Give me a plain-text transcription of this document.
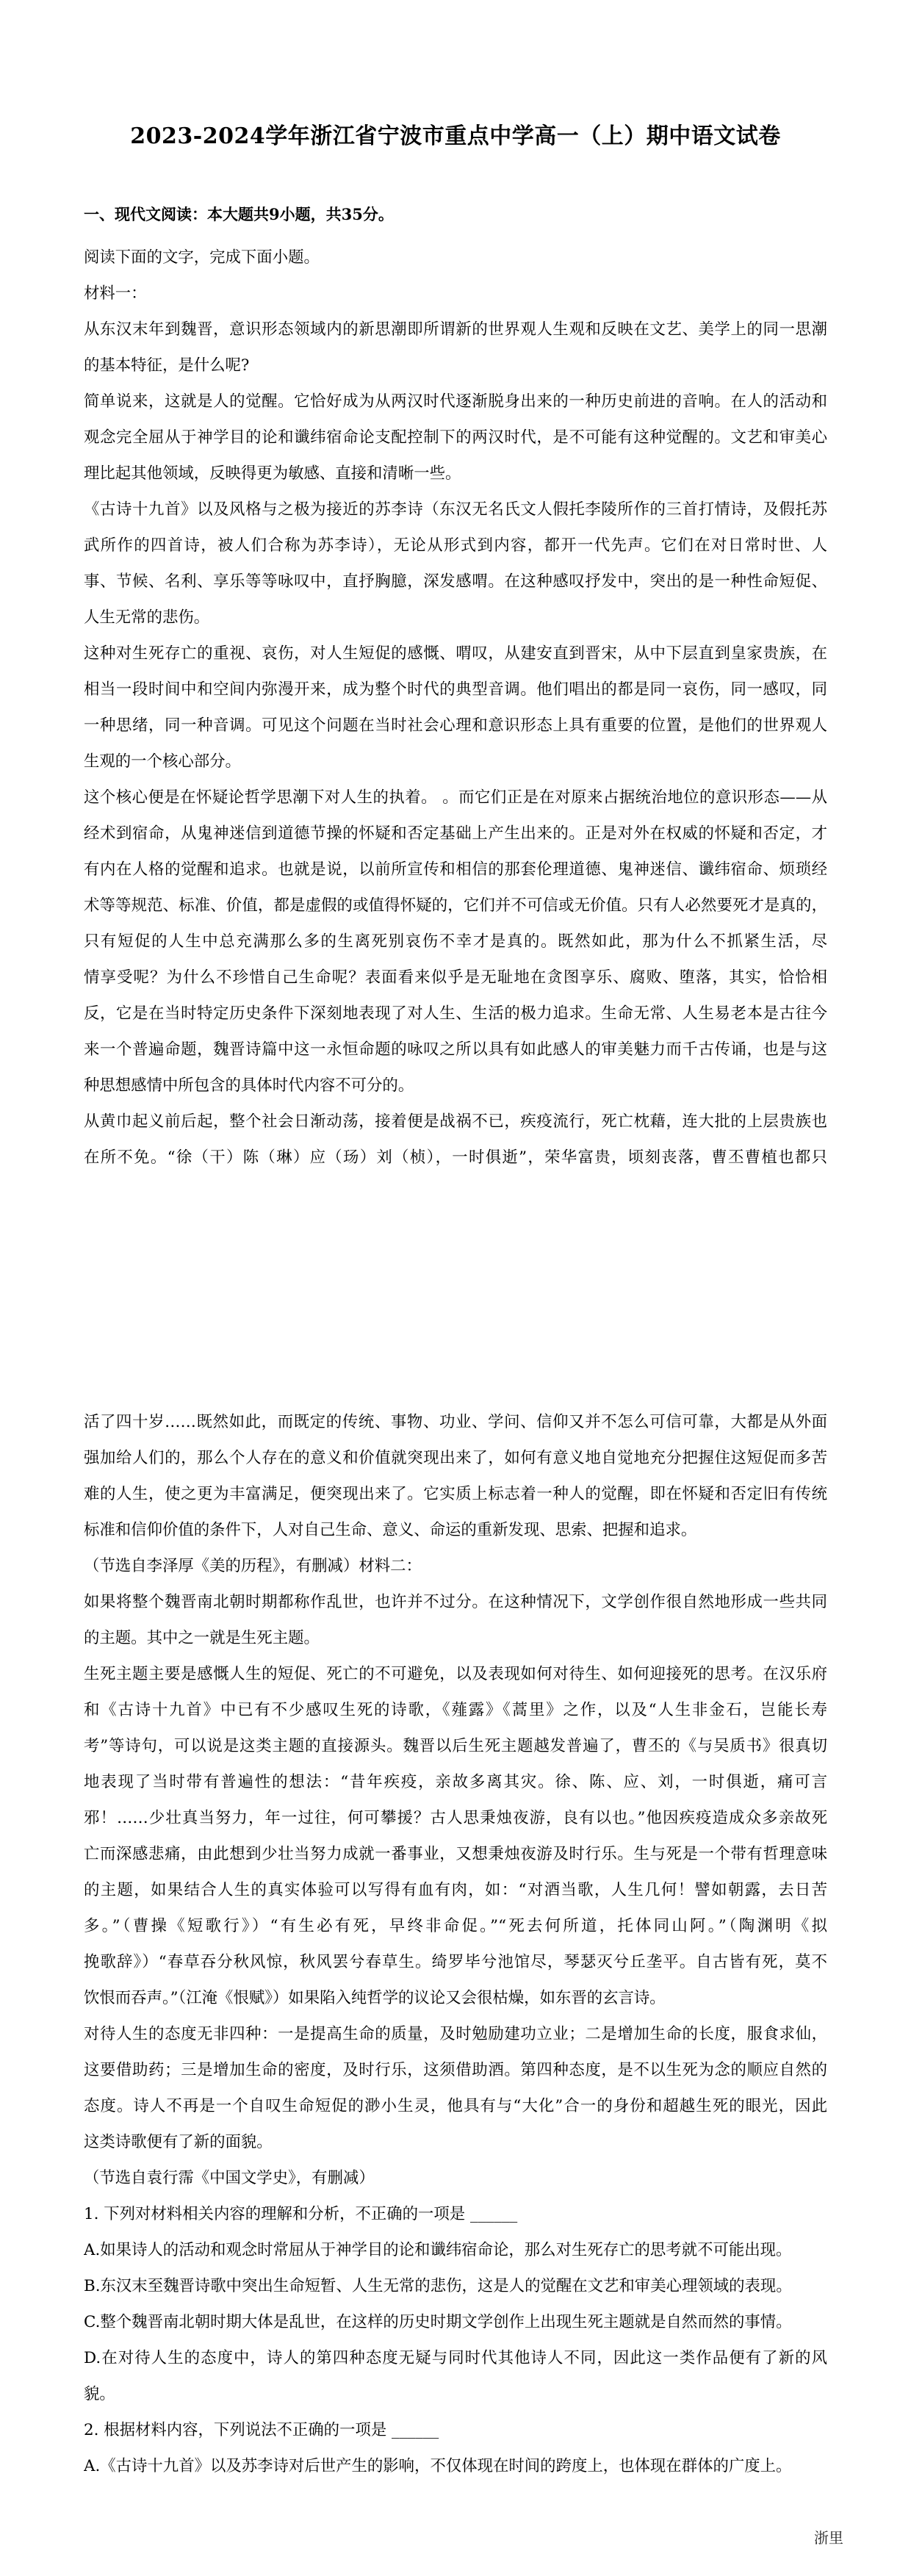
2023-2024学年浙江省宁波市重点中学高一（上）期中语文试卷
一、现代文阅读：本大题共9小题，共35分。
阅读下面的文字，完成下面小题。
材料一：
从东汉末年到魏晋，意识形态领域内的新思潮即所谓新的世界观人生观和反映在文艺、美学上的同一思潮
的基本特征，是什么呢?
简单说来，这就是人的觉醒。它恰好成为从两汉时代逐渐脱身出来的一种历史前进的音响。在人的活动和
观念完全屈从于神学目的论和谶纬宿命论支配控制下的两汉时代，是不可能有这种觉醒的。文艺和审美心
理比起其他领域，反映得更为敏感、直接和清晰一些。
《古诗十九首》以及风格与之极为接近的苏李诗（东汉无名氏文人假托李陵所作的三首打情诗，及假托苏
武所作的四首诗，被人们合称为苏李诗），无论从形式到内容，都开一代先声。它们在对日常时世、人
事、节候、名利、享乐等等咏叹中，直抒胸臆，深发感喟。在这种感叹抒发中，突出的是一种性命短促、
人生无常的悲伤。
这种对生死存亡的重视、哀伤，对人生短促的感慨、喟叹，从建安直到晋宋，从中下层直到皇家贵族，在
相当一段时间中和空间内弥漫开来，成为整个时代的典型音调。他们唱出的都是同一哀伤，同一感叹，同
一种思绪，同一种音调。可见这个问题在当时社会心理和意识形态上具有重要的位置，是他们的世界观人
生观的一个核心部分。
这个核心便是在怀疑论哲学思潮下对人生的执着。 。而它们正是在对原来占据统治地位的意识形态——从
经术到宿命，从鬼神迷信到道德节操的怀疑和否定基础上产生出来的。正是对外在权威的怀疑和否定，才
有内在人格的觉醒和追求。也就是说，以前所宣传和相信的那套伦理道德、鬼神迷信、谶纬宿命、烦琐经
术等等规范、标准、价值，都是虚假的或值得怀疑的，它们并不可信或无价值。只有人必然要死才是真的，
只有短促的人生中总充满那么多的生离死别哀伤不幸才是真的。既然如此，那为什么不抓紧生活，尽
情享受呢？为什么不珍惜自己生命呢？表面看来似乎是无耻地在贪图享乐、腐败、堕落，其实，恰恰相
反，它是在当时特定历史条件下深刻地表现了对人生、生活的极力追求。生命无常、人生易老本是古往今
来一个普遍命题，魏晋诗篇中这一永恒命题的咏叹之所以具有如此感人的审美魅力而千古传诵，也是与这
种思想感情中所包含的具体时代内容不可分的。
从黄巾起义前后起，整个社会日渐动荡，接着便是战祸不已，疾疫流行，死亡枕藉，连大批的上层贵族也
在所不免。“徐（干）陈（琳）应（玚）刘（桢），一时俱逝”，荣华富贵，顷刻丧落，曹丕曹植也都只
活了四十岁……既然如此，而既定的传统、事物、功业、学问、信仰又并不怎么可信可靠，大都是从外面
强加给人们的，那么个人存在的意义和价值就突现出来了，如何有意义地自觉地充分把握住这短促而多苦
难的人生，使之更为丰富满足，便突现出来了。它实质上标志着一种人的觉醒，即在怀疑和否定旧有传统
标准和信仰价值的条件下，人对自己生命、意义、命运的重新发现、思索、把握和追求。
（节选自李泽厚《美的历程》，有删减）材料二：
如果将整个魏晋南北朝时期都称作乱世，也许并不过分。在这种情况下，文学创作很自然地形成一些共同
的主题。其中之一就是生死主题。
生死主题主要是感慨人生的短促、死亡的不可避免，以及表现如何对待生、如何迎接死的思考。在汉乐府
和《古诗十九首》中已有不少感叹生死的诗歌，《薤露》《蒿里》之作，以及“人生非金石，岂能长寿
考”等诗句，可以说是这类主题的直接源头。魏晋以后生死主题越发普遍了，曹丕的《与吴质书》很真切
地表现了当时带有普遍性的想法：“昔年疾疫，亲故多离其灾。徐、陈、应、刘，一时俱逝，痛可言
邪！……少壮真当努力，年一过往，何可攀援？古人思秉烛夜游，良有以也。”他因疾疫造成众多亲故死
亡而深感悲痛，由此想到少壮当努力成就一番事业，又想秉烛夜游及时行乐。生与死是一个带有哲理意味
的主题，如果结合人生的真实体验可以写得有血有肉，如：“对酒当歌，人生几何！譬如朝露，去日苦
多。”（曹操《短歌行》）“有生必有死，早终非命促。”“死去何所道，托体同山阿。”（陶渊明《拟
挽歌辞》）“春草吞分秋风惊，秋风罢兮春草生。绮罗毕兮池馆尽，琴瑟灭兮丘垄平。自古皆有死，莫不
饮恨而吞声。”（江淹《恨赋》）如果陷入纯哲学的议论又会很枯燥，如东晋的玄言诗。
对待人生的态度无非四种：一是提高生命的质量，及时勉励建功立业；二是增加生命的长度，服食求仙，
这要借助药；三是增加生命的密度，及时行乐，这须借助酒。第四种态度，是不以生死为念的顺应自然的
态度。诗人不再是一个自叹生命短促的渺小生灵，他具有与“大化”合一的身份和超越生死的眼光，因此
这类诗歌便有了新的面貌。
（节选自袁行霈《中国文学史》，有删减）
1. 下列对材料相关内容的理解和分析，不正确的一项是 ______
A.如果诗人的活动和观念时常屈从于神学目的论和谶纬宿命论，那么对生死存亡的思考就不可能出现。
B.东汉末至魏晋诗歌中突出生命短暂、人生无常的悲伤，这是人的觉醒在文艺和审美心理领域的表现。
C.整个魏晋南北朝时期大体是乱世，在这样的历史时期文学创作上出现生死主题就是自然而然的事情。
D.在对待人生的态度中，诗人的第四种态度无疑与同时代其他诗人不同，因此这一类作品便有了新的风
貌。
2. 根据材料内容，下列说法不正确的一项是 ______
A.《古诗十九首》以及苏李诗对后世产生的影响，不仅体现在时间的跨度上，也体现在群体的广度上。
浙里
